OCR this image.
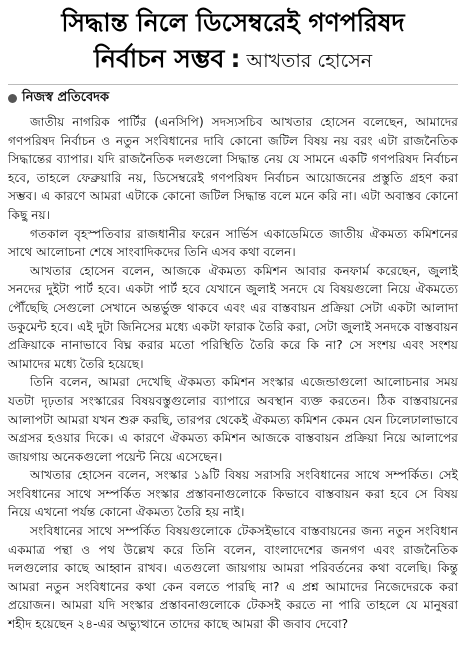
সিদ্ধান্ত নিলে ডিসেম্বরেই গণপরিষদ
নির্বাচন সম্ভব : আখতার হোসেন
নিজস্ব প্রতিবেদক

জাতীয় নাগরিক পার্টির (এনসিপি) সদস্যসচিব আখতার হোসেন বলেছেন, আমাদের গণপরিষদ নির্বাচন ও নতুন সংবিধানের দাবি কোনো জটিল বিষয় নয় বরং এটা রাজনৈতিক সিদ্ধান্তের ব্যাপার। যদি রাজনৈতিক দলগুলো সিদ্ধান্ত নেয় যে সামনে একটি গণপরিষদ নির্বাচন হবে, তাহলে ফেব্রুয়ারি নয়, ডিসেম্বরেই গণপরিষদ নির্বাচন আয়োজনের প্রস্তুতি গ্রহণ করা সম্ভব। এ কারণে আমরা এটাকে কোনো জটিল সিদ্ধান্ত বলে মনে করি না। এটা অবাস্তব কোনো কিছু নয়।

গতকাল বৃহস্পতিবার রাজধানীর ফরেন সার্ভিস একাডেমিতে জাতীয় ঐকমত্য কমিশনের সাথে আলোচনা শেষে সাংবাদিকদের তিনি এসব কথা বলেন।

আখতার হোসেন বলেন, আজকে ঐকমত্য কমিশন আবার কনফার্ম করেছেন, জুলাই সনদের দুইটা পার্ট হবে। একটা পার্ট হবে যেখানে জুলাই সনদে যে বিষয়গুলো নিয়ে ঐকমত্যে পৌঁছেছি সেগুলো সেখানে অন্তর্ভুক্ত থাকবে এবং এর বাস্তবায়ন প্রক্রিয়া সেটা একটা আলাদা ডকুমেন্ট হবে। এই দুটা জিনিসের মধ্যে একটা ফারাক তৈরি করা, সেটা জুলাই সনদকে বাস্তবায়ন প্রক্রিয়াকে নানাভাবে বিঘ্ন করার মতো পরিস্থিতি তৈরি করে কি না? সে সংশয় এবং সংশয় আমাদের মধ্যে তৈরি হয়েছে।

তিনি বলেন, আমরা দেখেছি ঐকমত্য কমিশন সংস্কার এজেন্ডাগুলো আলোচনার সময় যতটা দৃঢ়তার সংস্কারের বিষয়বস্তুগুলোর ব্যাপারে অবস্থান ব্যক্ত করতেন। ঠিক বাস্তবায়নের আলাপটা আমরা যখন শুরু করছি, তারপর থেকেই ঐকমত্য কমিশন কেমন যেন ঢিলেঢালাভাবে অগ্রসর হওয়ার দিকে। এ কারণে ঐকমত্য কমিশন আজকে বাস্তবায়ন প্রক্রিয়া নিয়ে আলাপের জায়গায় অনেকগুলো পয়েন্ট নিয়ে এসেছেন।

আখতার হোসেন বলেন, সংস্কার ১৯টি বিষয় সরাসরি সংবিধানের সাথে সম্পর্কিত। সেই সংবিধানের সাথে সম্পর্কিত সংস্কার প্রস্তাবনাগুলোকে কিভাবে বাস্তবায়ন করা হবে সে বিষয় নিয়ে এখনো পর্যন্ত কোনো ঐকমত্য তৈরি হয় নাই।

সংবিধানের সাথে সম্পর্কিত বিষয়গুলোকে টেকসইভাবে বাস্তবায়নের জন্য নতুন সংবিধান একমাত্র পন্থা ও পথ উল্লেখ করে তিনি বলেন, বাংলাদেশের জনগণ এবং রাজনৈতিক দলগুলোর কাছে আহ্বান রাখব। এতগুলো জায়গায় আমরা পরিবর্তনের কথা বলেছি। কিন্তু আমরা নতুন সংবিধানের কথা কেন বলতে পারছি না? এ প্রশ্ন আমাদের নিজেদেরকে করা প্রয়োজন। আমরা যদি সংস্কার প্রস্তাবনাগুলোকে টেকসই করতে না পারি তাহলে যে মানুষরা শহীদ হয়েছেন ২৪-এর অভ্যুত্থানে তাদের কাছে আমরা কী জবাব দেবো?
